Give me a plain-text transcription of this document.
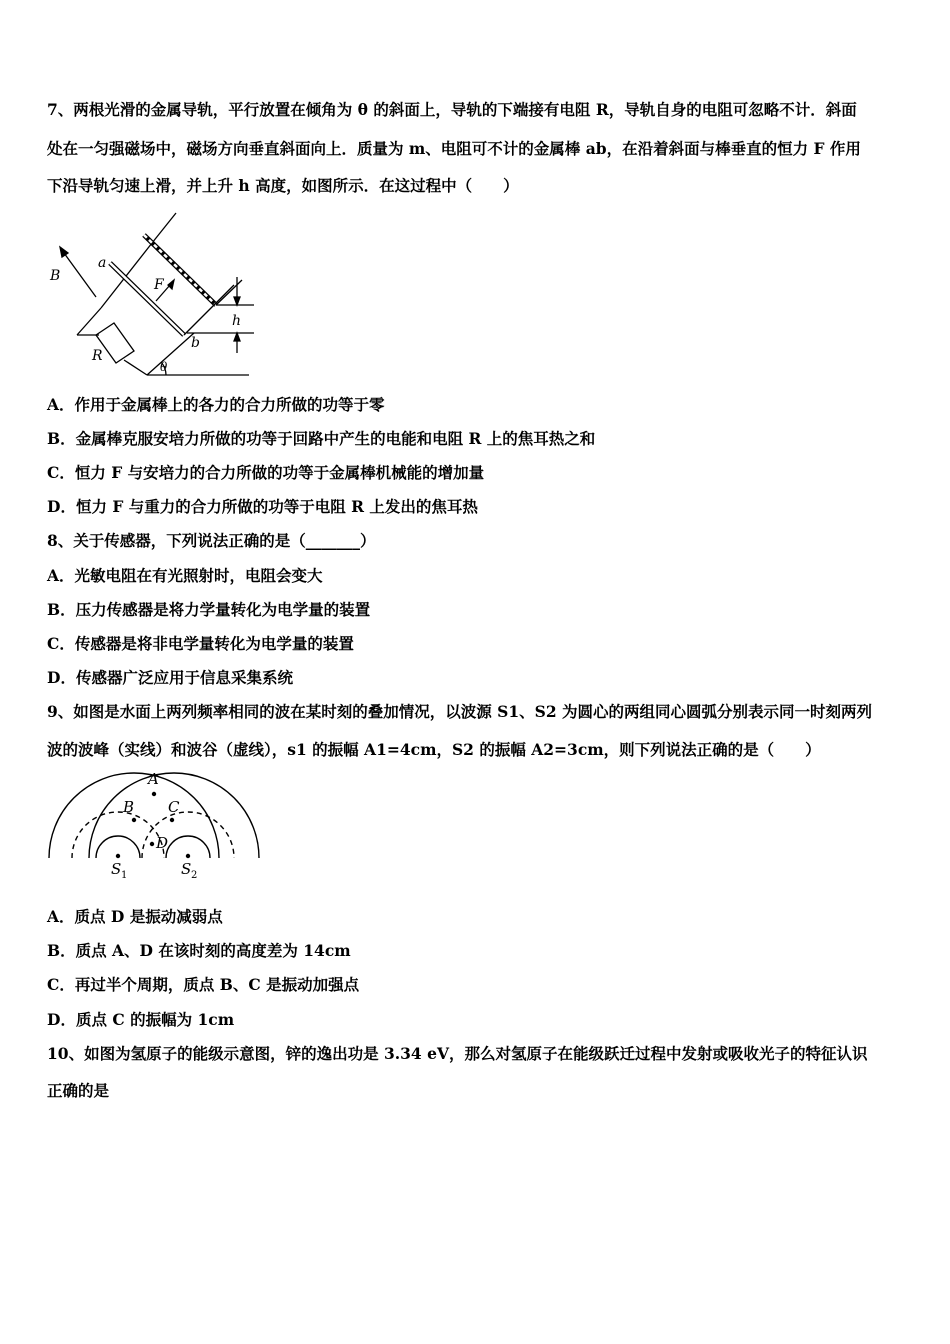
7、两根光滑的金属导轨，平行放置在倾角为 θ 的斜面上，导轨的下端接有电阻 R，导轨自身的电阻可忽略不计．斜面
处在一匀强磁场中，磁场方向垂直斜面向上．质量为 m、电阻可不计的金属棒 ab，在沿着斜面与棒垂直的恒力 F 作用
下沿导轨匀速上滑，并上升 h 高度，如图所示．在这过程中（　　）
B
a
b
F
h
R
θ
A．作用于金属棒上的各力的合力所做的功等于零
B．金属棒克服安培力所做的功等于回路中产生的电能和电阻 R 上的焦耳热之和
C．恒力 F 与安培力的合力所做的功等于金属棒机械能的增加量
D．恒力 F 与重力的合力所做的功等于电阻 R 上发出的焦耳热
8、关于传感器，下列说法正确的是（_______）
A．光敏电阻在有光照射时，电阻会变大
B．压力传感器是将力学量转化为电学量的装置
C．传感器是将非电学量转化为电学量的装置
D．传感器广泛应用于信息采集系统
9、如图是水面上两列频率相同的波在某时刻的叠加情况，以波源 S1、S2 为圆心的两组同心圆弧分别表示同一时刻两列
波的波峰（实线）和波谷（虚线），s1 的振幅 A1=4cm，S2 的振幅 A2=3cm，则下列说法正确的是（　　）
A
B C
D
S 1	S 2
A．质点 D 是振动减弱点
B．质点 A、D 在该时刻的高度差为 14cm
C．再过半个周期，质点 B、C 是振动加强点
D．质点 C 的振幅为 1cm
10、如图为氢原子的能级示意图，锌的逸出功是 3.34 eV，那么对氢原子在能级跃迁过程中发射或吸收光子的特征认识
正确的是
